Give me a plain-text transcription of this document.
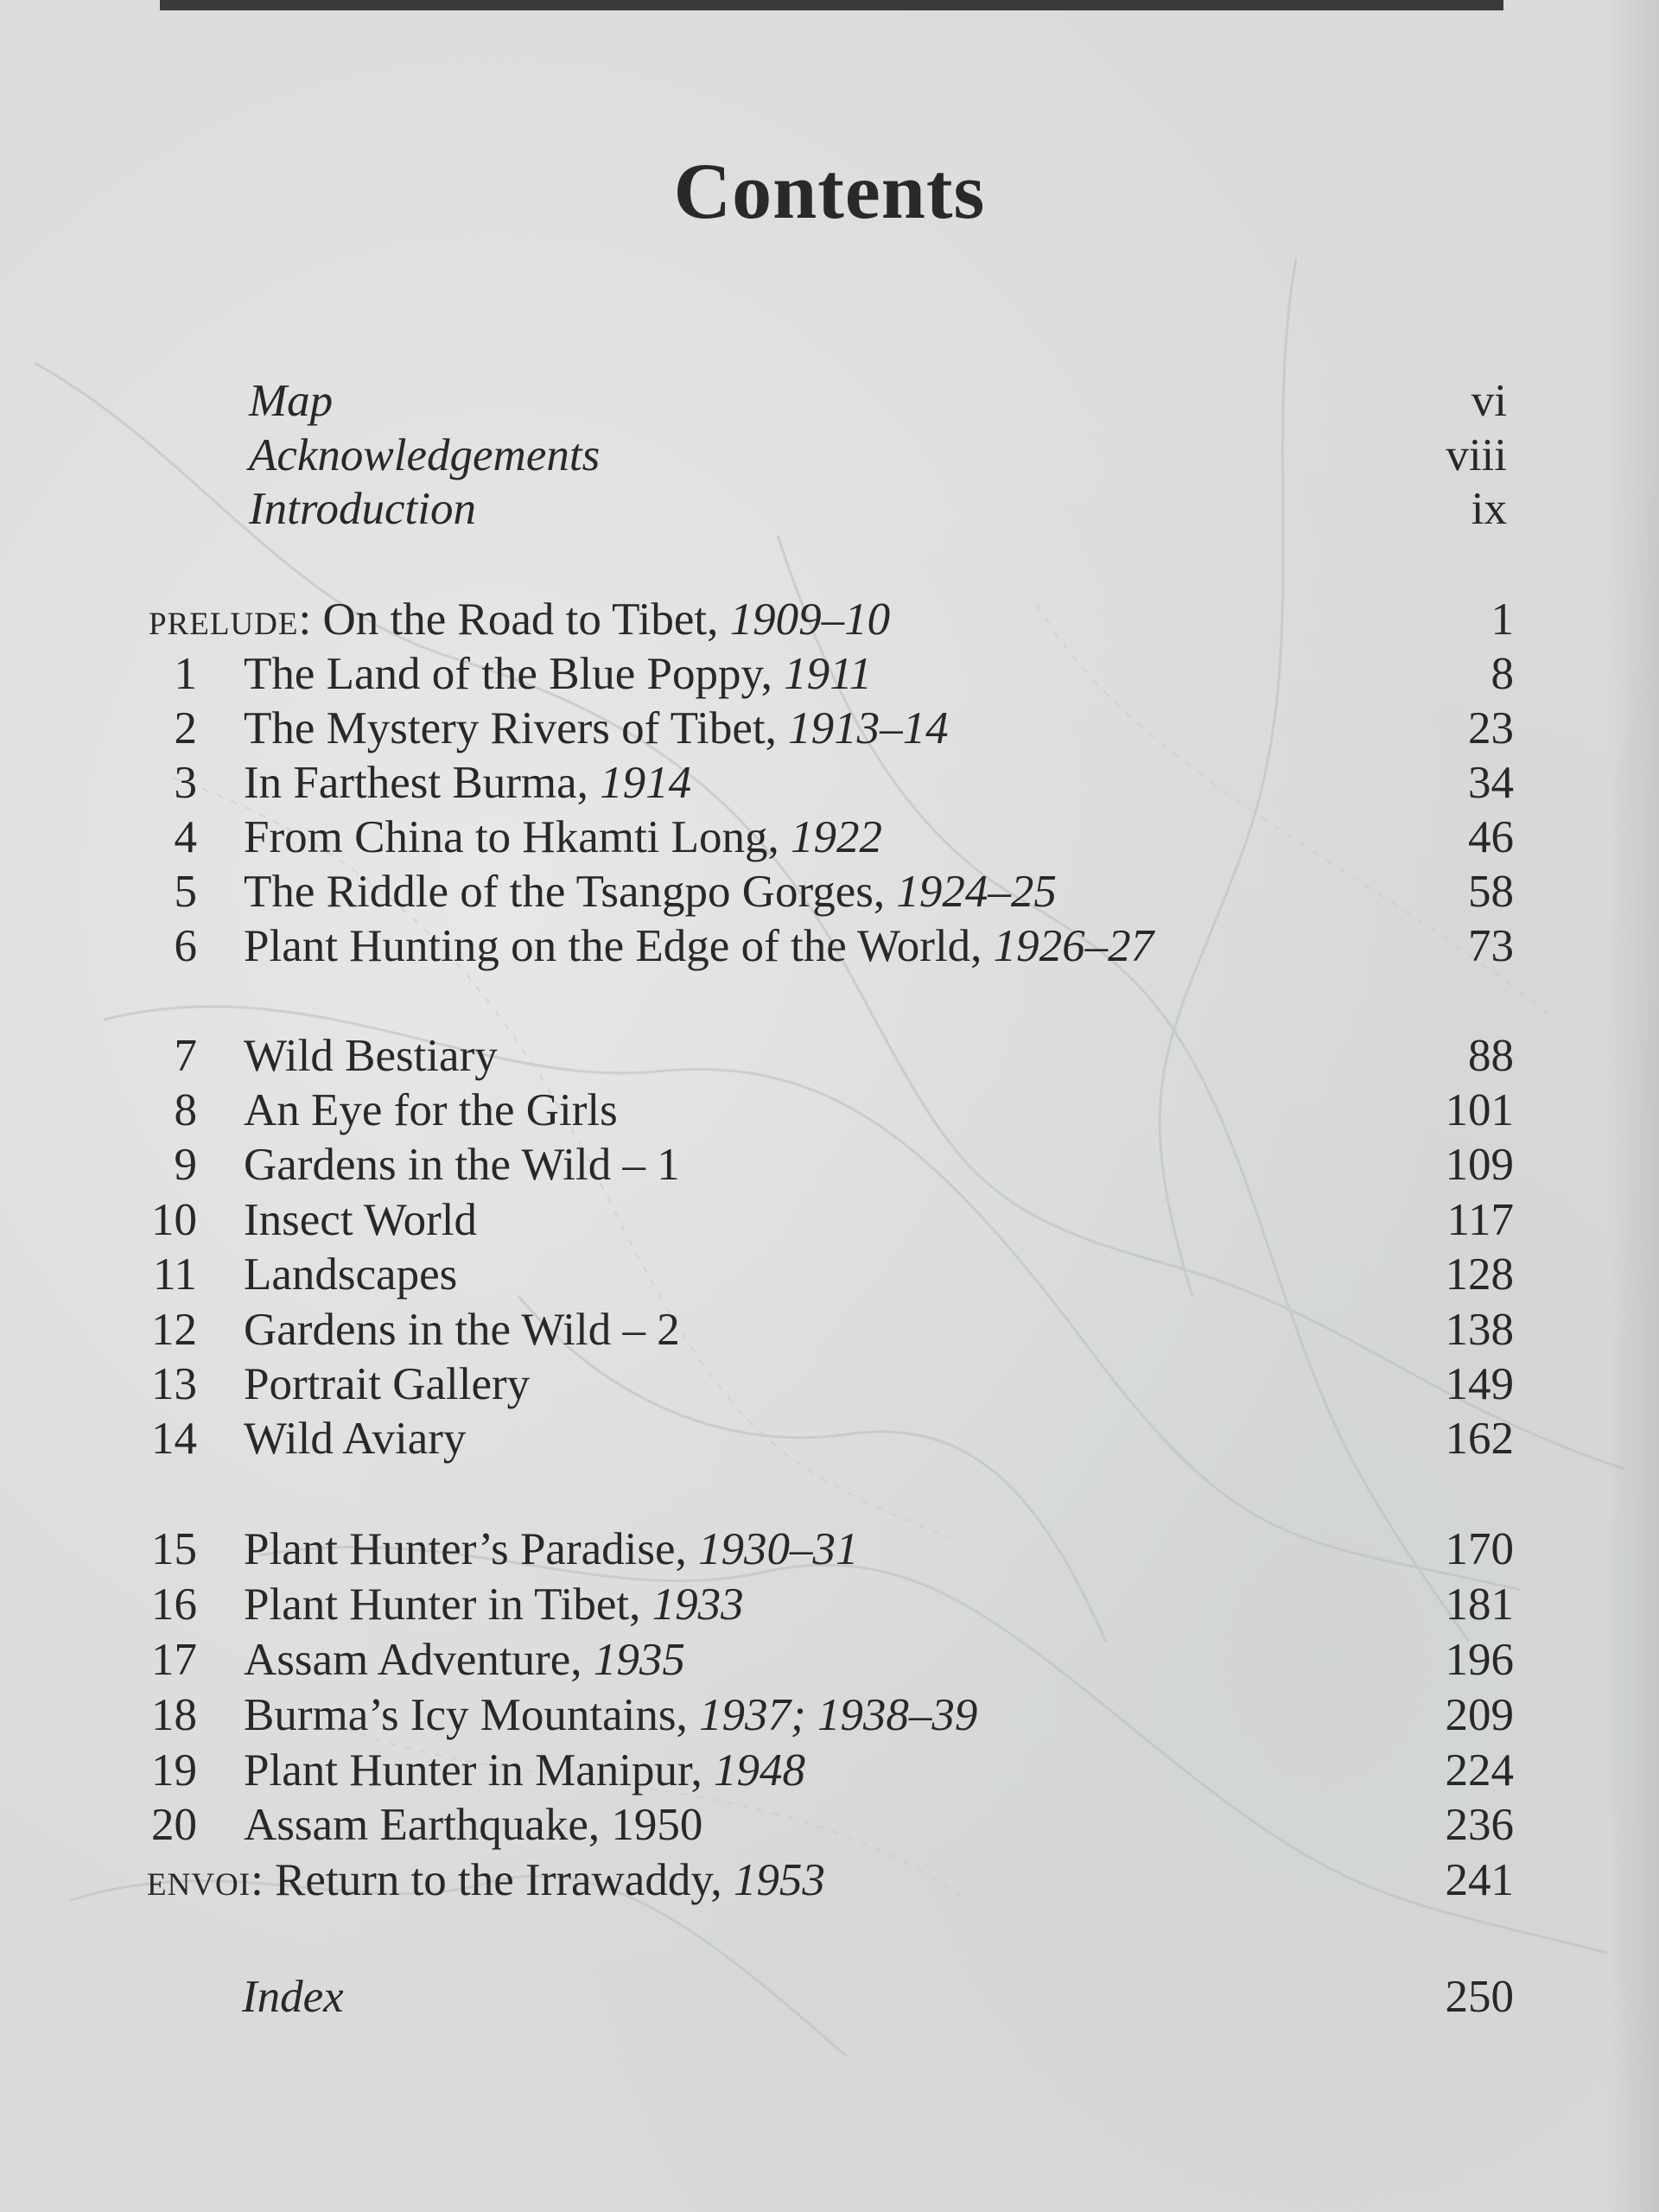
Contents
Map	vi
Acknowledgements	viii
Introduction	ix
PRELUDE: On the Road to Tibet, 1909–10	1
1 The Land of the Blue Poppy, 1911	8
2 The Mystery Rivers of Tibet, 1913–14	23
3 In Farthest Burma, 1914	34
4 From China to Hkamti Long, 1922	46
5 The Riddle of the Tsangpo Gorges, 1924–25	58
6 Plant Hunting on the Edge of the World, 1926–27	73
7 Wild Bestiary	88
8 An Eye for the Girls	101
9 Gardens in the Wild – 1	109
10 Insect World	117
11 Landscapes	128
12 Gardens in the Wild – 2	138
13 Portrait Gallery	149
14 Wild Aviary	162
15 Plant Hunter’s Paradise, 1930–31	170
16 Plant Hunter in Tibet, 1933	181
17 Assam Adventure, 1935	196
18 Burma’s Icy Mountains, 1937; 1938–39	209
19 Plant Hunter in Manipur, 1948	224
20 Assam Earthquake, 1950	236
ENVOI: Return to the Irrawaddy, 1953	241
Index	250
